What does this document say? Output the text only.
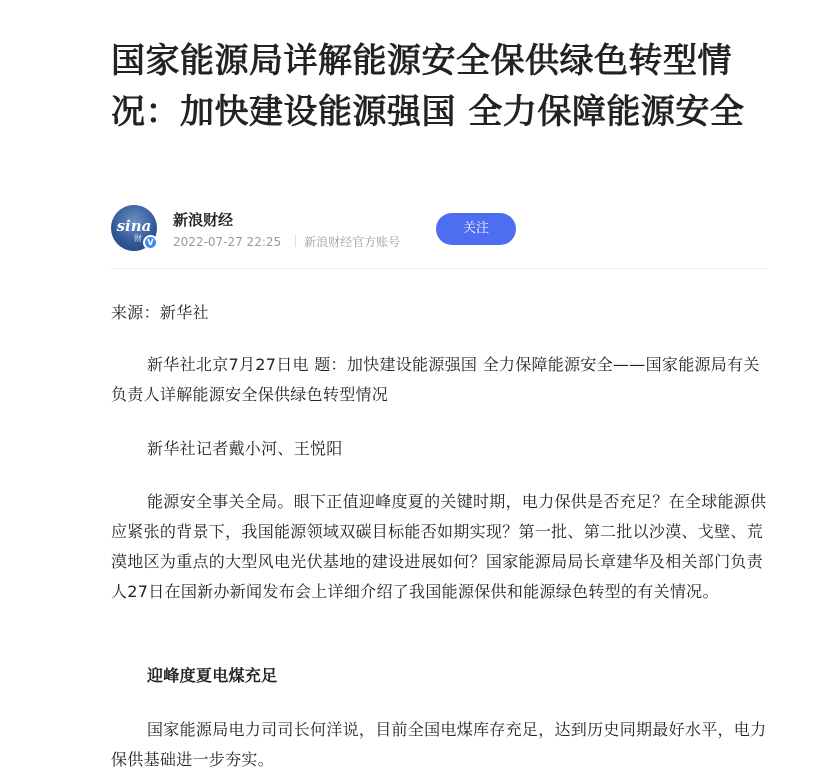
国家能源局详解能源安全保供绿色转型情况：加快建设能源强国 全力保障能源安全
sina
财 V
新浪财经
2022-07-27 22:25 新浪财经官方账号
关注

来源：新华社

新华社北京7月27日电 题：加快建设能源强国 全力保障能源安全——国家能源局有关负责人详解能源安全保供绿色转型情况

新华社记者戴小河、王悦阳

能源安全事关全局。眼下正值迎峰度夏的关键时期，电力保供是否充足？在全球能源供应紧张的背景下，我国能源领域双碳目标能否如期实现？第一批、第二批以沙漠、戈壁、荒漠地区为重点的大型风电光伏基地的建设进展如何？国家能源局局长章建华及相关部门负责人27日在国新办新闻发布会上详细介绍了我国能源保供和能源绿色转型的有关情况。

迎峰度夏电煤充足

国家能源局电力司司长何洋说，目前全国电煤库存充足，达到历史同期最好水平，电力保供基础进一步夯实。
